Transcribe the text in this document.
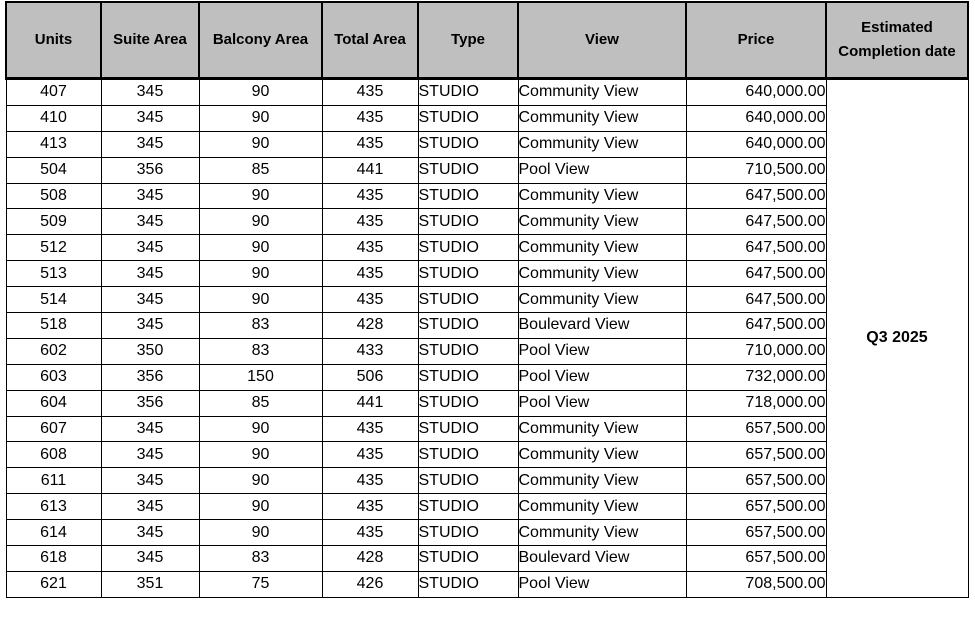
Units	Suite Area	Balcony Area	Total Area	Type	View	Price	Estimated Completion date
407	345	90	435	STUDIO	Community View	640,000.00	Q3 2025
410	345	90	435	STUDIO	Community View	640,000.00	
413	345	90	435	STUDIO	Community View	640,000.00	
504	356	85	441	STUDIO	Pool View	710,500.00	
508	345	90	435	STUDIO	Community View	647,500.00	
509	345	90	435	STUDIO	Community View	647,500.00	
512	345	90	435	STUDIO	Community View	647,500.00	
513	345	90	435	STUDIO	Community View	647,500.00	
514	345	90	435	STUDIO	Community View	647,500.00	
518	345	83	428	STUDIO	Boulevard View	647,500.00	
602	350	83	433	STUDIO	Pool View	710,000.00	
603	356	150	506	STUDIO	Pool View	732,000.00	
604	356	85	441	STUDIO	Pool View	718,000.00	
607	345	90	435	STUDIO	Community View	657,500.00	
608	345	90	435	STUDIO	Community View	657,500.00	
611	345	90	435	STUDIO	Community View	657,500.00	
613	345	90	435	STUDIO	Community View	657,500.00	
614	345	90	435	STUDIO	Community View	657,500.00	
618	345	83	428	STUDIO	Boulevard View	657,500.00	
621	351	75	426	STUDIO	Pool View	708,500.00	
